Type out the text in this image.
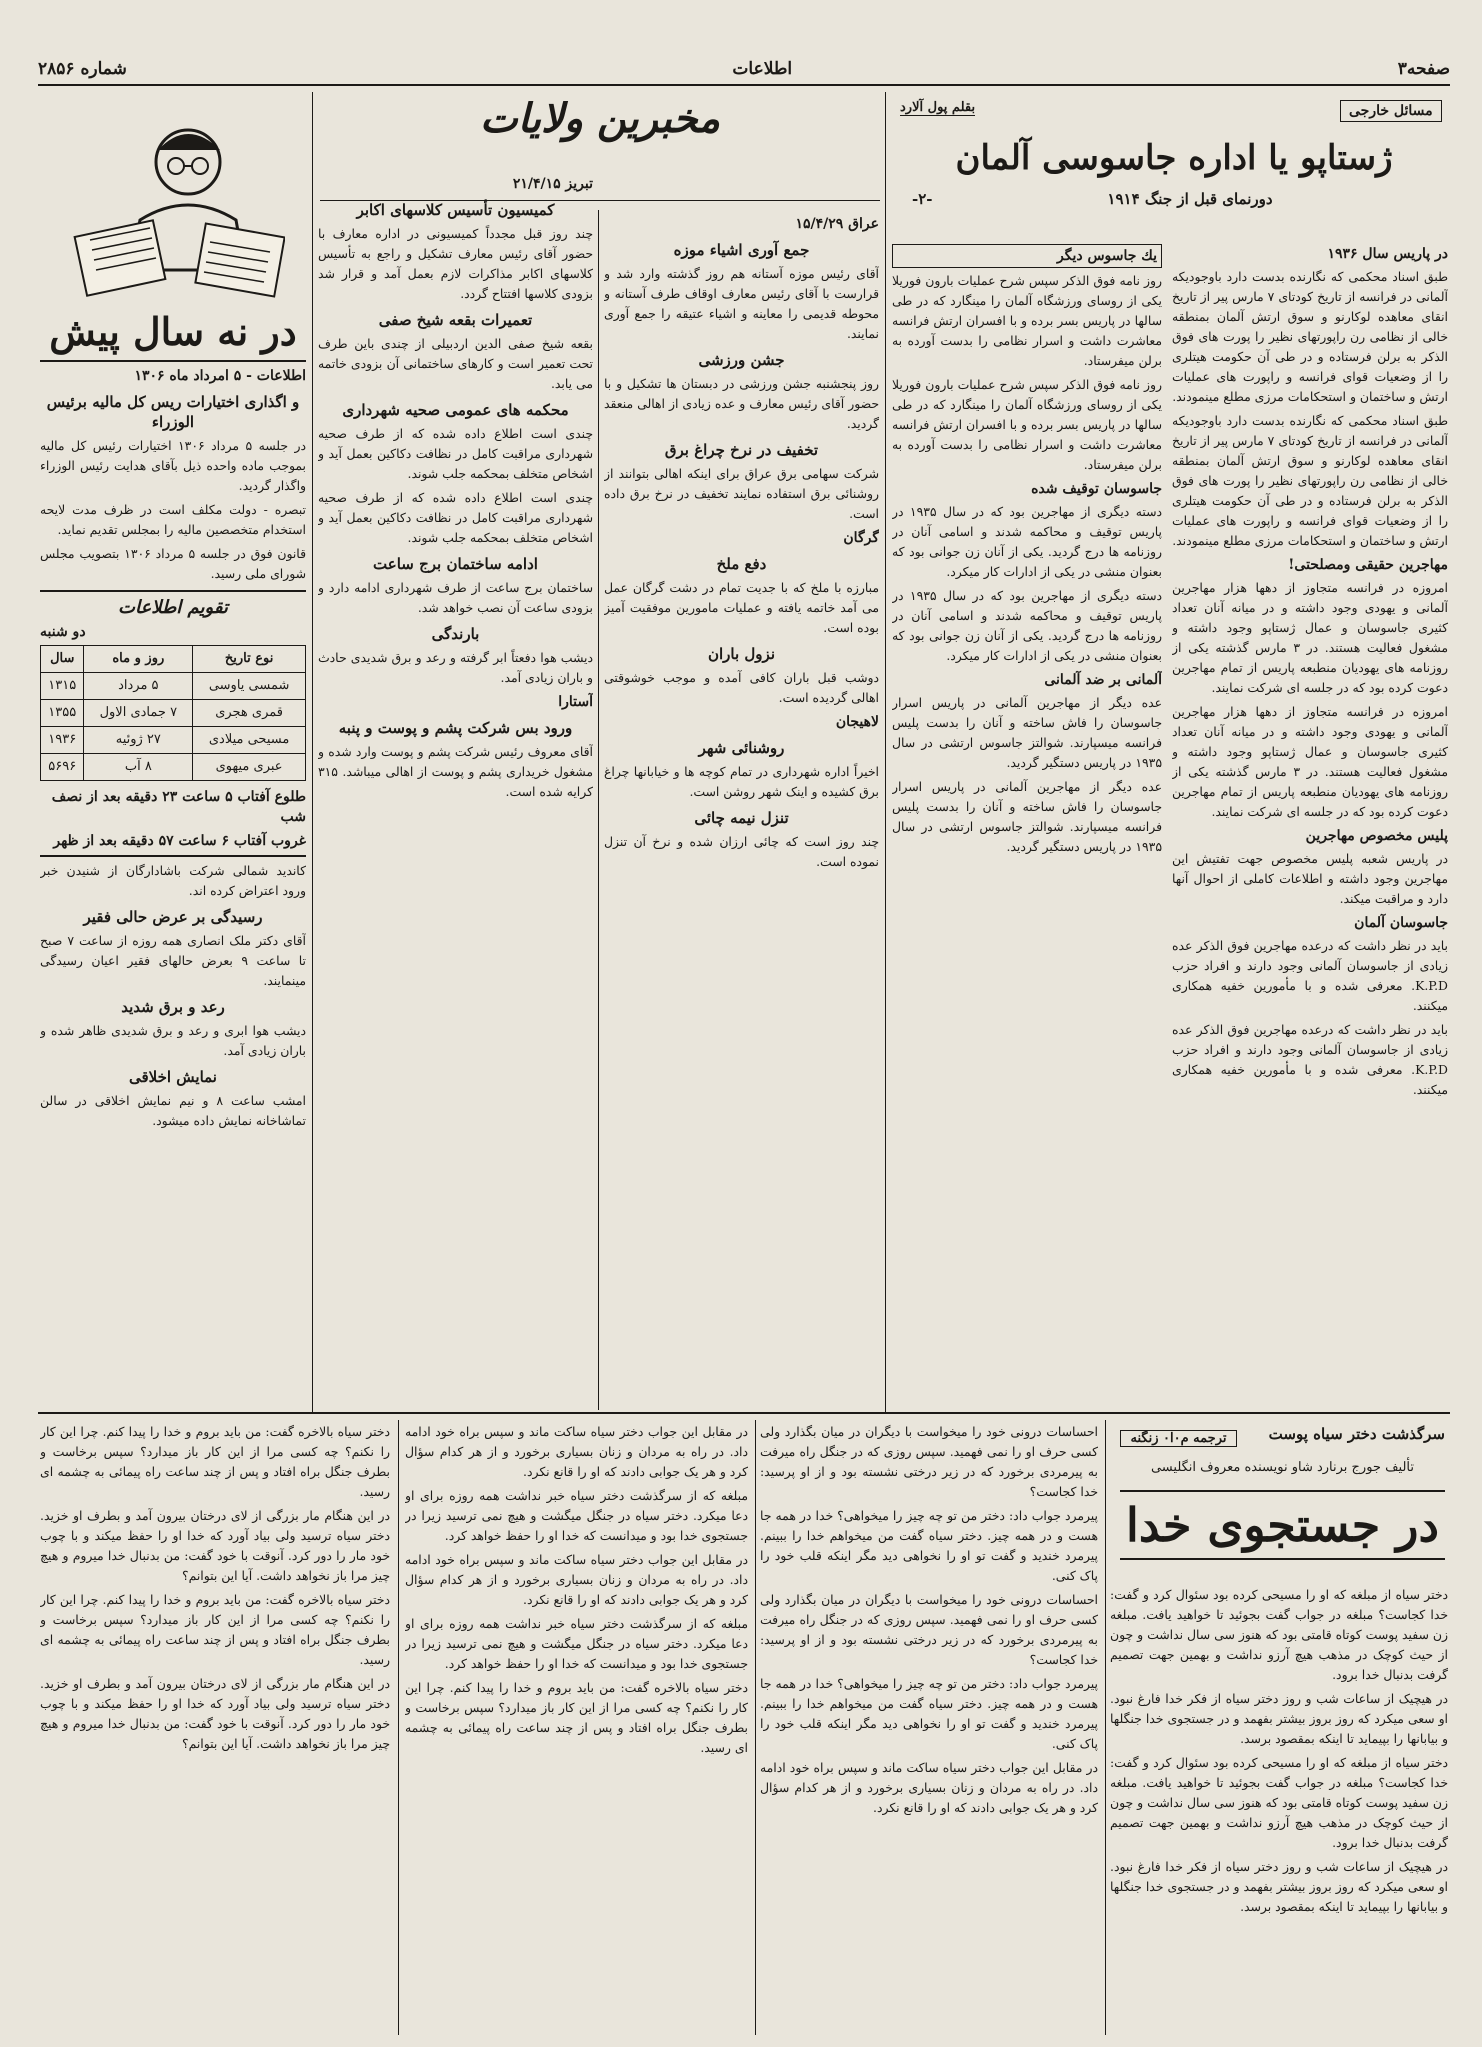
صفحه۳
اطلاعات
شماره ۲۸۵۶
مسائل خارجی
بقلم پول آلارد
ژستاپو یا اداره جاسوسی آلمان
دورنمای قبل از جنگ ۱۹۱۴
-۲-
در پاریس سال ۱۹۳۶

طبق اسناد محکمی که نگارنده بدست دارد باوجودیکه آلمانی در فرانسه از تاریخ کودتای ۷ مارس پیر از تاریخ انقای معاهده لوکارنو و سوق ارتش آلمان بمنطقه خالی از نظامی رن راپورتهای نظیر را پورت های فوق الذکر به برلن فرستاده و در طی آن حکومت هیتلری را از وضعیات قوای فرانسه و راپورت های عملیات ارتش و ساختمان و استحکامات مرزی مطلع مینمودند.

طبق اسناد محکمی که نگارنده بدست دارد باوجودیکه آلمانی در فرانسه از تاریخ کودتای ۷ مارس پیر از تاریخ انقای معاهده لوکارنو و سوق ارتش آلمان بمنطقه خالی از نظامی رن راپورتهای نظیر را پورت های فوق الذکر به برلن فرستاده و در طی آن حکومت هیتلری را از وضعیات قوای فرانسه و راپورت های عملیات ارتش و ساختمان و استحکامات مرزی مطلع مینمودند.

مهاجرین حقیقی ومصلحتی!

امروزه در فرانسه متجاوز از دهها هزار مهاجرین آلمانی و یهودی وجود داشته و در میانه آنان تعداد کثیری جاسوسان و عمال ژستاپو وجود داشته و مشغول فعالیت هستند. در ۳ مارس گذشته یکی از روزنامه های یهودیان منطبعه پاریس از تمام مهاجرین دعوت کرده بود که در جلسه ای شرکت نمایند.

امروزه در فرانسه متجاوز از دهها هزار مهاجرین آلمانی و یهودی وجود داشته و در میانه آنان تعداد کثیری جاسوسان و عمال ژستاپو وجود داشته و مشغول فعالیت هستند. در ۳ مارس گذشته یکی از روزنامه های یهودیان منطبعه پاریس از تمام مهاجرین دعوت کرده بود که در جلسه ای شرکت نمایند.

پلیس مخصوص مهاجرین

در پاریس شعبه پلیس مخصوص جهت تفتیش این مهاجرین وجود داشته و اطلاعات کاملی از احوال آنها دارد و مراقبت میکند.

جاسوسان آلمان

باید در نظر داشت که درعده مهاجرین فوق الذکر عده زیادی از جاسوسان آلمانی وجود دارند و افراد حزب K.P.D. معرفی شده و با مأمورین خفیه همکاری میکنند.

باید در نظر داشت که درعده مهاجرین فوق الذکر عده زیادی از جاسوسان آلمانی وجود دارند و افراد حزب K.P.D. معرفی شده و با مأمورین خفیه همکاری میکنند.

یك جاسوس دیگر

روز نامه فوق الذکر سپس شرح عملیات بارون فوریلا یکی از روسای ورزشگاه آلمان را مینگارد که در طی سالها در پاریس بسر برده و با افسران ارتش فرانسه معاشرت داشت و اسرار نظامی را بدست آورده به برلن میفرستاد.

روز نامه فوق الذکر سپس شرح عملیات بارون فوریلا یکی از روسای ورزشگاه آلمان را مینگارد که در طی سالها در پاریس بسر برده و با افسران ارتش فرانسه معاشرت داشت و اسرار نظامی را بدست آورده به برلن میفرستاد.

جاسوسان توقیف شده

دسته دیگری از مهاجرین بود که در سال ۱۹۳۵ در پاریس توقیف و محاکمه شدند و اسامی آنان در روزنامه ها درج گردید. یکی از آنان زن جوانی بود که بعنوان منشی در یکی از ادارات کار میکرد.

دسته دیگری از مهاجرین بود که در سال ۱۹۳۵ در پاریس توقیف و محاکمه شدند و اسامی آنان در روزنامه ها درج گردید. یکی از آنان زن جوانی بود که بعنوان منشی در یکی از ادارات کار میکرد.

آلمانی بر ضد آلمانی

عده دیگر از مهاجرین آلمانی در پاریس اسرار جاسوسان را فاش ساخته و آنان را بدست پلیس فرانسه میسپارند. شوالتز جاسوس ارتشی در سال ۱۹۳۵ در پاریس دستگیر گردید.

عده دیگر از مهاجرین آلمانی در پاریس اسرار جاسوسان را فاش ساخته و آنان را بدست پلیس فرانسه میسپارند. شوالتز جاسوس ارتشی در سال ۱۹۳۵ در پاریس دستگیر گردید.

مخبرین ولایات
عراق ۱۵/۴/۲۹
جمع آوری اشیاء موزه

آقای رئیس موزه آستانه هم روز گذشته وارد شد و قرارست با آقای رئیس معارف اوقاف طرف آستانه و محوطه قدیمی را معاینه و اشیاء عتیقه را جمع آوری نمایند.

جشن ورزشی

روز پنجشنبه جشن ورزشی در دبستان ها تشکیل و با حضور آقای رئیس معارف و عده زیادی از اهالی منعقد گردید.

تخفیف در نرخ چراغ برق

شرکت سهامی برق عراق برای اینکه اهالی بتوانند از روشنائی برق استفاده نمایند تخفیف در نرخ برق داده است.

گرگان
دفع ملخ

مبارزه با ملخ که با جدیت تمام در دشت گرگان عمل می آمد خاتمه یافته و عملیات مامورین موفقیت آمیز بوده است.

نزول باران

دوشب قبل باران کافی آمده و موجب خوشوقتی اهالی گردیده است.

لاهیجان
روشنائی شهر

اخیراً اداره شهرداری در تمام کوچه ها و خیابانها چراغ برق کشیده و اینک شهر روشن است.

تنزل نیمه چائی

چند روز است که چائی ارزان شده و نرخ آن تنزل نموده است.

تبریز ۲۱/۴/۱۵
کمیسیون تأسیس کلاسهای اکابر

چند روز قبل مجدداً کمیسیونی در اداره معارف با حضور آقای رئیس معارف تشکیل و راجع به تأسیس کلاسهای اکابر مذاکرات لازم بعمل آمد و قرار شد بزودی کلاسها افتتاح گردد.

تعمیرات بقعه شیخ صفی

بقعه شیخ صفی الدین اردبیلی از چندی باین طرف تحت تعمیر است و کارهای ساختمانی آن بزودی خاتمه می یابد.

محکمه های عمومی صحیه شهرداری

چندی است اطلاع داده شده که از طرف صحیه شهرداری مراقبت کامل در نظافت دکاکین بعمل آید و اشخاص متخلف بمحکمه جلب شوند.

چندی است اطلاع داده شده که از طرف صحیه شهرداری مراقبت کامل در نظافت دکاکین بعمل آید و اشخاص متخلف بمحکمه جلب شوند.

ادامه ساختمان برج ساعت

ساختمان برج ساعت از طرف شهرداری ادامه دارد و بزودی ساعت آن نصب خواهد شد.

بارندگی

دیشب هوا دفعتاً ابر گرفته و رعد و برق شدیدی حادث و باران زیادی آمد.

آستارا
ورود بس شرکت پشم و پوست و پنبه

آقای معروف رئیس شرکت پشم و پوست وارد شده و مشغول خریداری پشم و پوست از اهالی میباشد. ۳۱۵ کرایه شده است.

در نه سال پیش
اطلاعات - ۵ امرداد ماه ۱۳۰۶
و اگذاری اختیارات ریس کل مالیه برئیس الوزراء

در جلسه ۵ مرداد ۱۳۰۶ اختیارات رئیس کل مالیه بموجب ماده واحده ذیل بآقای هدایت رئیس الوزراء واگذار گردید.

تبصره - دولت مکلف است در ظرف مدت لایحه استخدام متخصصین مالیه را بمجلس تقدیم نماید.

قانون فوق در جلسه ۵ مرداد ۱۳۰۶ بتصویب مجلس شورای ملی رسید.

تقویم اطلاعات
دو شنبه
نوع تاریخ	روز و ماه	سال
شمسی یاوسی	۵ مرداد	۱۳۱۵
قمری هجری	۷ جمادی الاول	۱۳۵۵
مسیحی میلادی	۲۷ ژوئیه	۱۹۳۶
عبری میهوی	۸ آب	۵۶۹۶
طلوع آفتاب ۵ ساعت ۲۳ دقیقه بعد از نصف شب
غروب آفتاب ۶ ساعت ۵۷ دقیقه بعد از ظهر

کاندید شمالی شرکت باشادارگان از شنیدن خبر ورود اعتراض کرده اند.

رسیدگی بر عرض حالی فقیر

آقای دکتر ملک انصاری همه روزه از ساعت ۷ صبح تا ساعت ۹ بعرض حالهای فقیر اعیان رسیدگی مینمایند.

رعد و برق شدید

دیشب هوا ابری و رعد و برق شدیدی ظاهر شده و باران زیادی آمد.

نمایش اخلاقی

امشب ساعت ۸ و نیم نمایش اخلاقی در سالن تماشاخانه نمایش داده میشود.

سرگذشت دختر سیاه پوست
ترجمه م٠ا٠ زنگنه
تألیف جورج برنارد شاو نویسنده معروف انگلیسی
در جستجوی خدا

دختر سیاه از مبلغه که او را مسیحی کرده بود سئوال کرد و گفت: خدا کجاست؟ مبلغه در جواب گفت بجوئید تا خواهید یافت. مبلغه زن سفید پوست کوتاه قامتی بود که هنوز سی سال نداشت و چون از حیث کوچک در مذهب هیچ آرزو نداشت و بهمین جهت تصمیم گرفت بدنبال خدا برود.

در هیچیک از ساعات شب و روز دختر سیاه از فکر خدا فارغ نبود. او سعی میکرد که روز بروز بیشتر بفهمد و در جستجوی خدا جنگلها و بیابانها را بپیماید تا اینکه بمقصود برسد.

دختر سیاه از مبلغه که او را مسیحی کرده بود سئوال کرد و گفت: خدا کجاست؟ مبلغه در جواب گفت بجوئید تا خواهید یافت. مبلغه زن سفید پوست کوتاه قامتی بود که هنوز سی سال نداشت و چون از حیث کوچک در مذهب هیچ آرزو نداشت و بهمین جهت تصمیم گرفت بدنبال خدا برود.

در هیچیک از ساعات شب و روز دختر سیاه از فکر خدا فارغ نبود. او سعی میکرد که روز بروز بیشتر بفهمد و در جستجوی خدا جنگلها و بیابانها را بپیماید تا اینکه بمقصود برسد.

احساسات درونی خود را میخواست با دیگران در میان بگذارد ولی کسی حرف او را نمی فهمید. سپس روزی که در جنگل راه میرفت به پیرمردی برخورد که در زیر درختی نشسته بود و از او پرسید: خدا کجاست؟

پیرمرد جواب داد: دختر من تو چه چیز را میخواهی؟ خدا در همه جا هست و در همه چیز. دختر سیاه گفت من میخواهم خدا را ببینم. پیرمرد خندید و گفت تو او را نخواهی دید مگر اینکه قلب خود را پاک کنی.

احساسات درونی خود را میخواست با دیگران در میان بگذارد ولی کسی حرف او را نمی فهمید. سپس روزی که در جنگل راه میرفت به پیرمردی برخورد که در زیر درختی نشسته بود و از او پرسید: خدا کجاست؟

پیرمرد جواب داد: دختر من تو چه چیز را میخواهی؟ خدا در همه جا هست و در همه چیز. دختر سیاه گفت من میخواهم خدا را ببینم. پیرمرد خندید و گفت تو او را نخواهی دید مگر اینکه قلب خود را پاک کنی.

در مقابل این جواب دختر سیاه ساکت ماند و سپس براه خود ادامه داد. در راه به مردان و زنان بسیاری برخورد و از هر کدام سؤال کرد و هر یک جوابی دادند که او را قانع نکرد.

در مقابل این جواب دختر سیاه ساکت ماند و سپس براه خود ادامه داد. در راه به مردان و زنان بسیاری برخورد و از هر کدام سؤال کرد و هر یک جوابی دادند که او را قانع نکرد.

مبلغه که از سرگذشت دختر سیاه خبر نداشت همه روزه برای او دعا میکرد. دختر سیاه در جنگل میگشت و هیچ نمی ترسید زیرا در جستجوی خدا بود و میدانست که خدا او را حفظ خواهد کرد.

در مقابل این جواب دختر سیاه ساکت ماند و سپس براه خود ادامه داد. در راه به مردان و زنان بسیاری برخورد و از هر کدام سؤال کرد و هر یک جوابی دادند که او را قانع نکرد.

مبلغه که از سرگذشت دختر سیاه خبر نداشت همه روزه برای او دعا میکرد. دختر سیاه در جنگل میگشت و هیچ نمی ترسید زیرا در جستجوی خدا بود و میدانست که خدا او را حفظ خواهد کرد.

دختر سیاه بالاخره گفت: من باید بروم و خدا را پیدا کنم. چرا این کار را نکنم؟ چه کسی مرا از این کار باز میدارد؟ سپس برخاست و بطرف جنگل براه افتاد و پس از چند ساعت راه پیمائی به چشمه ای رسید.

دختر سیاه بالاخره گفت: من باید بروم و خدا را پیدا کنم. چرا این کار را نکنم؟ چه کسی مرا از این کار باز میدارد؟ سپس برخاست و بطرف جنگل براه افتاد و پس از چند ساعت راه پیمائی به چشمه ای رسید.

در این هنگام مار بزرگی از لای درختان بیرون آمد و بطرف او خزید. دختر سیاه ترسید ولی بیاد آورد که خدا او را حفظ میکند و با چوب خود مار را دور کرد. آنوقت با خود گفت: من بدنبال خدا میروم و هیچ چیز مرا باز نخواهد داشت. آیا این بتوانم؟

دختر سیاه بالاخره گفت: من باید بروم و خدا را پیدا کنم. چرا این کار را نکنم؟ چه کسی مرا از این کار باز میدارد؟ سپس برخاست و بطرف جنگل براه افتاد و پس از چند ساعت راه پیمائی به چشمه ای رسید.

در این هنگام مار بزرگی از لای درختان بیرون آمد و بطرف او خزید. دختر سیاه ترسید ولی بیاد آورد که خدا او را حفظ میکند و با چوب خود مار را دور کرد. آنوقت با خود گفت: من بدنبال خدا میروم و هیچ چیز مرا باز نخواهد داشت. آیا این بتوانم؟
